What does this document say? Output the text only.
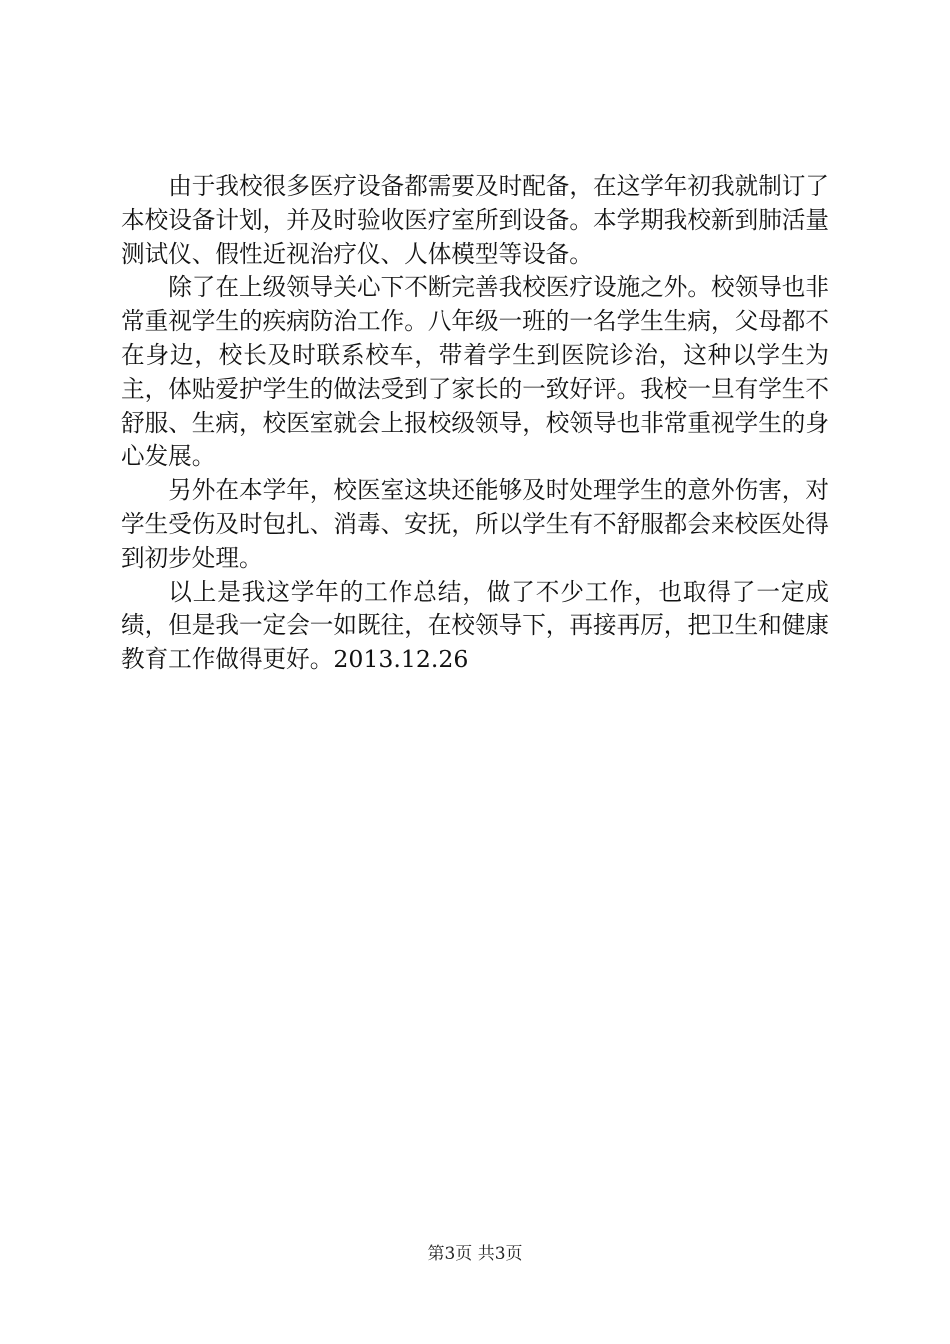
由于我校很多医疗设备都需要及时配备，在这学年初我就制订了本校设备计划，并及时验收医疗室所到设备。本学期我校新到肺活量测试仪、假性近视治疗仪、人体模型等设备。

除了在上级领导关心下不断完善我校医疗设施之外。校领导也非常重视学生的疾病防治工作。八年级一班的一名学生生病，父母都不在身边，校长及时联系校车，带着学生到医院诊治，这种以学生为主，体贴爱护学生的做法受到了家长的一致好评。我校一旦有学生不舒服、生病，校医室就会上报校级领导，校领导也非常重视学生的身心发展。

另外在本学年，校医室这块还能够及时处理学生的意外伤害，对学生受伤及时包扎、消毒、安抚，所以学生有不舒服都会来校医处得到初步处理。

以上是我这学年的工作总结，做了不少工作，也取得了一定成绩，但是我一定会一如既往，在校领导下，再接再厉，把卫生和健康教育工作做得更好。2013.12.26

第3页 共3页
